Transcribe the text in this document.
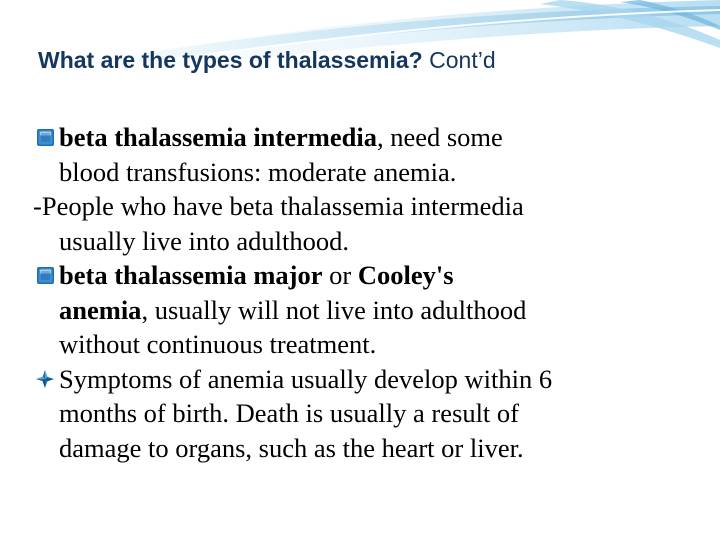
What are the types of thalassemia? Cont’d
beta thalassemia intermedia, need some
blood transfusions: moderate anemia.
-People who have beta thalassemia intermedia
usually live into adulthood.
beta thalassemia major or Cooley's
anemia, usually will not live into adulthood
without continuous treatment.
Symptoms of anemia usually develop within 6
months of birth. Death is usually a result of
damage to organs, such as the heart or liver.
